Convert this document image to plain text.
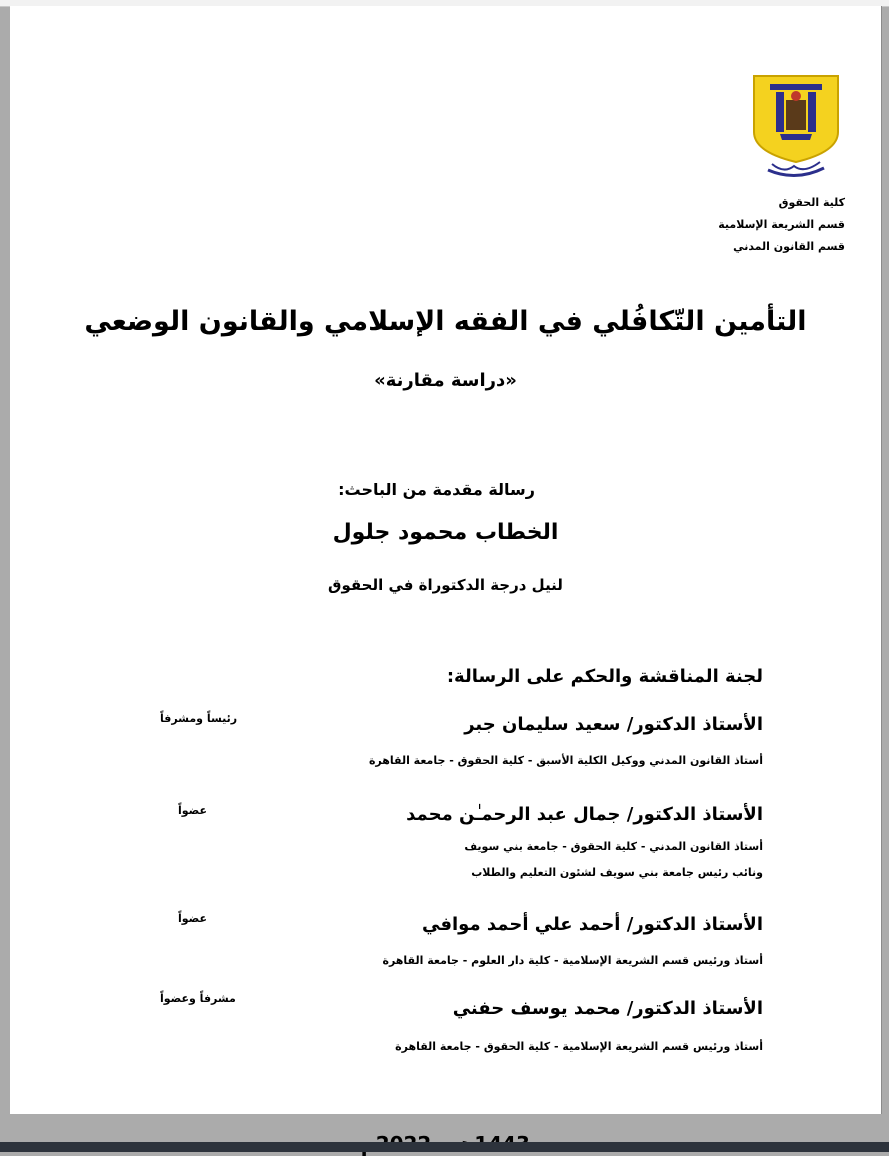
كلية الحقوق
قسم الشريعة الإسلامية
قسم القانون المدني
التأمين التّكافُلي في الفقه الإسلامي والقانون الوضعي
«دراسة مقارنة»
رسالة مقدمة من الباحث:
الخطاب محمود جلول
لنيل درجة الدكتوراة في الحقوق
لجنة المناقشة والحكم على الرسالة:
الأستاذ الدكتور/ سعيد سليمان جبر
رئيساً ومشرفاً
أستاذ القانون المدني ووكيل الكلية الأسبق - كلية الحقوق - جامعة القاهرة
الأستاذ الدكتور/ جمال عبد الرحمـٰن محمد
عضواً
أستاذ القانون المدني - كلية الحقوق - جامعة بني سويف
ونائب رئيس جامعة بني سويف لشئون التعليم والطلاب
الأستاذ الدكتور/ أحمد علي أحمد موافي
عضواً
أستاذ ورئيس قسم الشريعة الإسلامية - كلية دار العلوم - جامعة القاهرة
الأستاذ الدكتور/ محمد يوسف حفني
مشرفاً وعضواً
أستاذ ورئيس قسم الشريعة الإسلامية - كلية الحقوق - جامعة القاهرة
